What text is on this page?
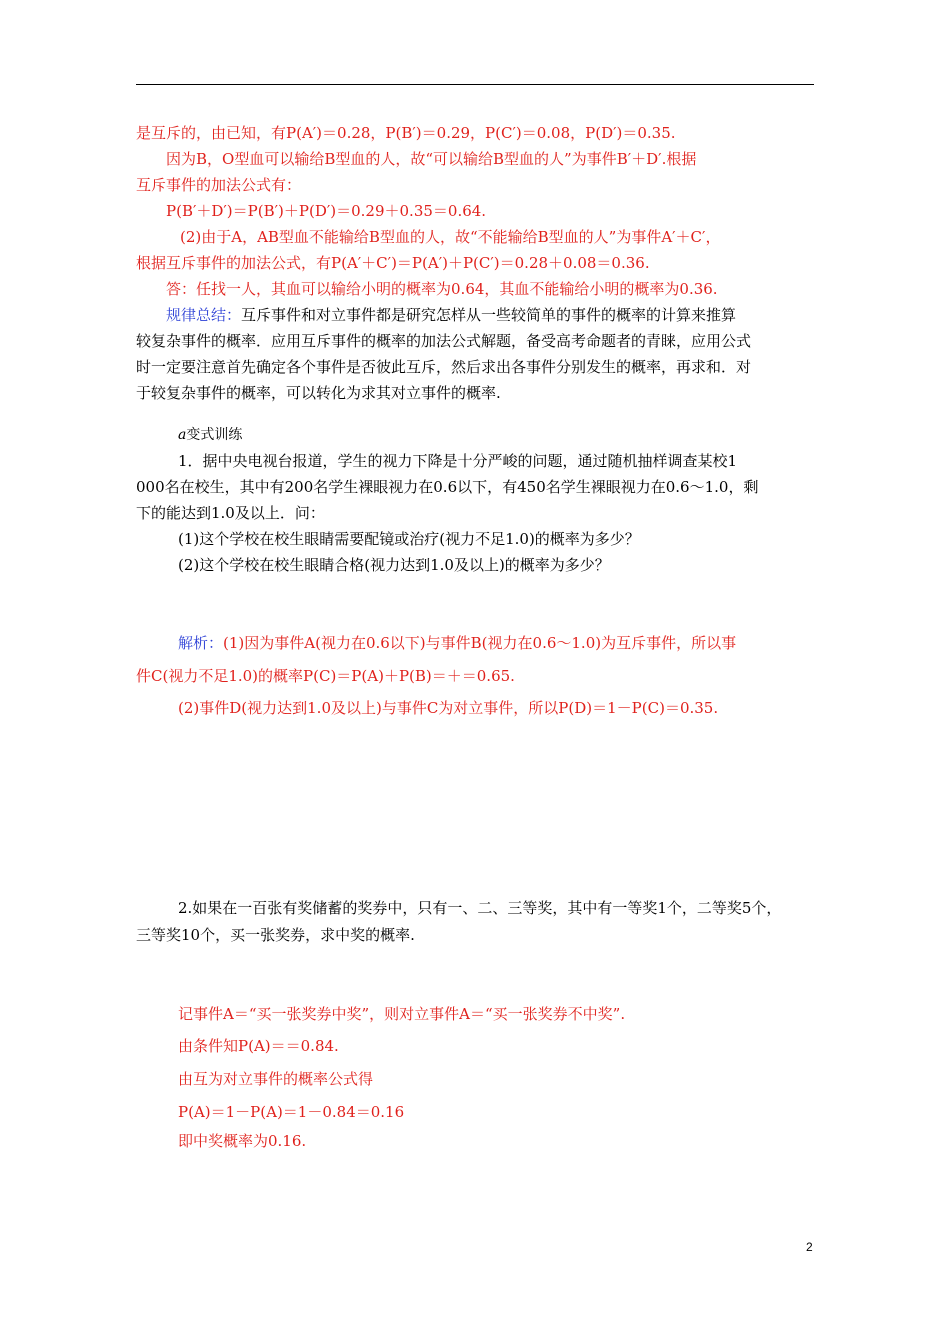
是互斥的，由已知，有P(A′)＝0.28，P(B′)＝0.29，P(C′)＝0.08，P(D′)＝0.35.
因为B，O型血可以输给B型血的人，故“可以输给B型血的人”为事件B′＋D′.根据
互斥事件的加法公式有：
P(B′＋D′)＝P(B′)＋P(D′)＝0.29＋0.35＝0.64.
(2)由于A，AB型血不能输给B型血的人，故“不能输给B型血的人”为事件A′＋C′，
根据互斥事件的加法公式，有P(A′＋C′)＝P(A′)＋P(C′)＝0.28＋0.08＝0.36.
答：任找一人，其血可以输给小明的概率为0.64，其血不能输给小明的概率为0.36.
规律总结：互斥事件和对立事件都是研究怎样从一些较简单的事件的概率的计算来推算
较复杂事件的概率．应用互斥事件的概率的加法公式解题，备受高考命题者的青睐，应用公式
时一定要注意首先确定各个事件是否彼此互斥，然后求出各事件分别发生的概率，再求和．对
于较复杂事件的概率，可以转化为求其对立事件的概率.
a变式训练
1．据中央电视台报道，学生的视力下降是十分严峻的问题，通过随机抽样调查某校1
000名在校生，其中有200名学生裸眼视力在0.6以下，有450名学生裸眼视力在0.6～1.0，剩
下的能达到1.0及以上．问：
(1)这个学校在校生眼睛需要配镜或治疗(视力不足1.0)的概率为多少？
(2)这个学校在校生眼睛合格(视力达到1.0及以上)的概率为多少？
解析：(1)因为事件A(视力在0.6以下)与事件B(视力在0.6～1.0)为互斥事件，所以事
件C(视力不足1.0)的概率P(C)＝P(A)＋P(B)＝＋＝0.65.
(2)事件D(视力达到1.0及以上)与事件C为对立事件，所以P(D)＝1－P(C)＝0.35.
2.如果在一百张有奖储蓄的奖券中，只有一、二、三等奖，其中有一等奖1个，二等奖5个，
三等奖10个，买一张奖券，求中奖的概率.
记事件A＝“买一张奖券中奖”，则对立事件A＝“买一张奖券不中奖”.
由条件知P(A)＝＝0.84.
由互为对立事件的概率公式得
P(A)＝1－P(A)＝1－0.84＝0.16
即中奖概率为0.16.
2
